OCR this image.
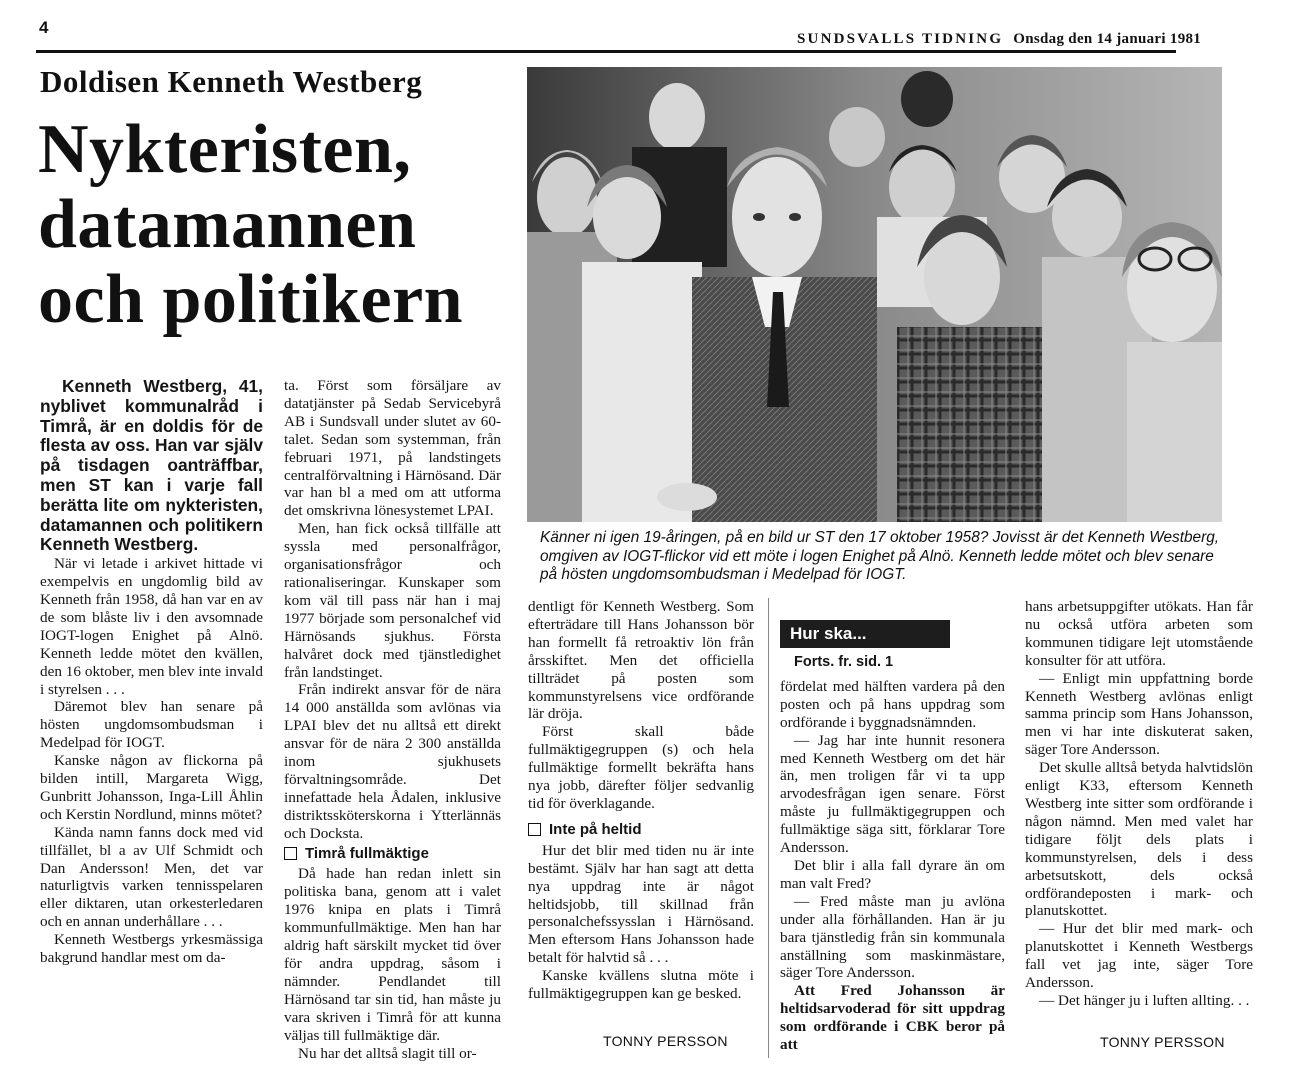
4
SUNDSVALLS TIDNING Onsdag den 14 januari 1981
Doldisen Kenneth Westberg
Nykteristen,
datamannen
och politikern
Känner ni igen 19-åringen, på en bild ur ST den 17 oktober 1958? Jovisst är det Kenneth Westberg, omgiven av IOGT-flickor vid ett möte i logen Enighet på Alnö. Kenneth ledde mötet och blev senare på hösten ungdomsombudsman i Medelpad för IOGT.

Kenneth Westberg, 41, nyblivet kommunalråd i Timrå, är en doldis för de flesta av oss. Han var själv på tisdagen oanträffbar, men ST kan i varje fall berätta lite om nykteristen, datamannen och politikern Kenneth Westberg.

När vi letade i arkivet hittade vi exempelvis en ungdomlig bild av Kenneth från 1958, då han var en av de som blåste liv i den avsomnade IOGT-logen Enighet på Alnö. Kenneth ledde mötet den kvällen, den 16 oktober, men blev inte invald i styrelsen . . .

Däremot blev han senare på hösten ungdomsombudsman i Medelpad för IOGT.

Kanske någon av flickorna på bilden intill, Margareta Wigg, Gunbritt Johansson, Inga-Lill Åhlin och Kerstin Nordlund, minns mötet?

Kända namn fanns dock med vid tillfället, bl a av Ulf Schmidt och Dan Andersson! Men, det var naturligtvis varken tennisspelaren eller diktaren, utan orkesterledaren och en annan underhållare . . .

Kenneth Westbergs yrkesmässiga bakgrund handlar mest om da-

ta. Först som försäljare av datatjänster på Sedab Servicebyrå AB i Sundsvall under slutet av 60-talet. Sedan som systemman, från februari 1971, på landstingets centralförvaltning i Härnösand. Där var han bl a med om att utforma det omskrivna lönesystemet LPAI.

Men, han fick också tillfälle att syssla med personalfrågor, organisationsfrågor och rationaliseringar. Kunskaper som kom väl till pass när han i maj 1977 började som personalchef vid Härnösands sjukhus. Första halvåret dock med tjänstledighet från landstinget.

Från indirekt ansvar för de nära 14 000 anställda som avlönas via LPAI blev det nu alltså ett direkt ansvar för de nära 2 300 anställda inom sjukhusets förvaltningsområde. Det innefattade hela Ådalen, inklusive distriktssköterskorna i Ytterlännäs och Docksta.

Timrå fullmäktige

Då hade han redan inlett sin politiska bana, genom att i valet 1976 knipa en plats i Timrå kommunfullmäktige. Men han har aldrig haft särskilt mycket tid över för andra uppdrag, såsom i nämnder. Pendlandet till Härnösand tar sin tid, han måste ju vara skriven i Timrå för att kunna väljas till fullmäktige där.

Nu har det alltså slagit till or-

dentligt för Kenneth Westberg. Som efterträdare till Hans Johansson bör han formellt få retroaktiv lön från årsskiftet. Men det officiella tillträdet på posten som kommunstyrelsens vice ordförande lär dröja.

Först skall både fullmäktigegruppen (s) och hela fullmäktige formellt bekräfta hans nya jobb, därefter följer sedvanlig tid för överklagande.

Inte på heltid

Hur det blir med tiden nu är inte bestämt. Själv har han sagt att detta nya uppdrag inte är något heltidsjobb, till skillnad från personalchefssysslan i Härnösand. Men eftersom Hans Johansson hade betalt för halvtid så . . .

Kanske kvällens slutna möte i fullmäktigegruppen kan ge besked.

TONNY PERSSON
Hur ska...
Forts. fr. sid. 1

fördelat med hälften vardera på den posten och på hans uppdrag som ordförande i byggnadsnämnden.

— Jag har inte hunnit resonera med Kenneth Westberg om det här än, men troligen får vi ta upp arvodesfrågan igen senare. Först måste ju fullmäktigegruppen och fullmäktige säga sitt, förklarar Tore Andersson.

Det blir i alla fall dyrare än om man valt Fred?

— Fred måste man ju avlöna under alla förhållanden. Han är ju bara tjänstledig från sin kommunala anställning som maskinmästare, säger Tore Andersson.

Att Fred Johansson är heltidsarvoderad för sitt uppdrag som ordförande i CBK beror på att

hans arbetsuppgifter utökats. Han får nu också utföra arbeten som kommunen tidigare lejt utomstående konsulter för att utföra.

— Enligt min uppfattning borde Kenneth Westberg avlönas enligt samma princip som Hans Johansson, men vi har inte diskuterat saken, säger Tore Andersson.

Det skulle alltså betyda halvtidslön enligt K33, eftersom Kenneth Westberg inte sitter som ordförande i någon nämnd. Men med valet har tidigare följt dels plats i kommunstyrelsen, dels i dess arbetsutskott, dels också ordförandeposten i mark- och planutskottet.

— Hur det blir med mark- och planutskottet i Kenneth Westbergs fall vet jag inte, säger Tore Andersson.

— Det hänger ju i luften allting. . .

TONNY PERSSON
